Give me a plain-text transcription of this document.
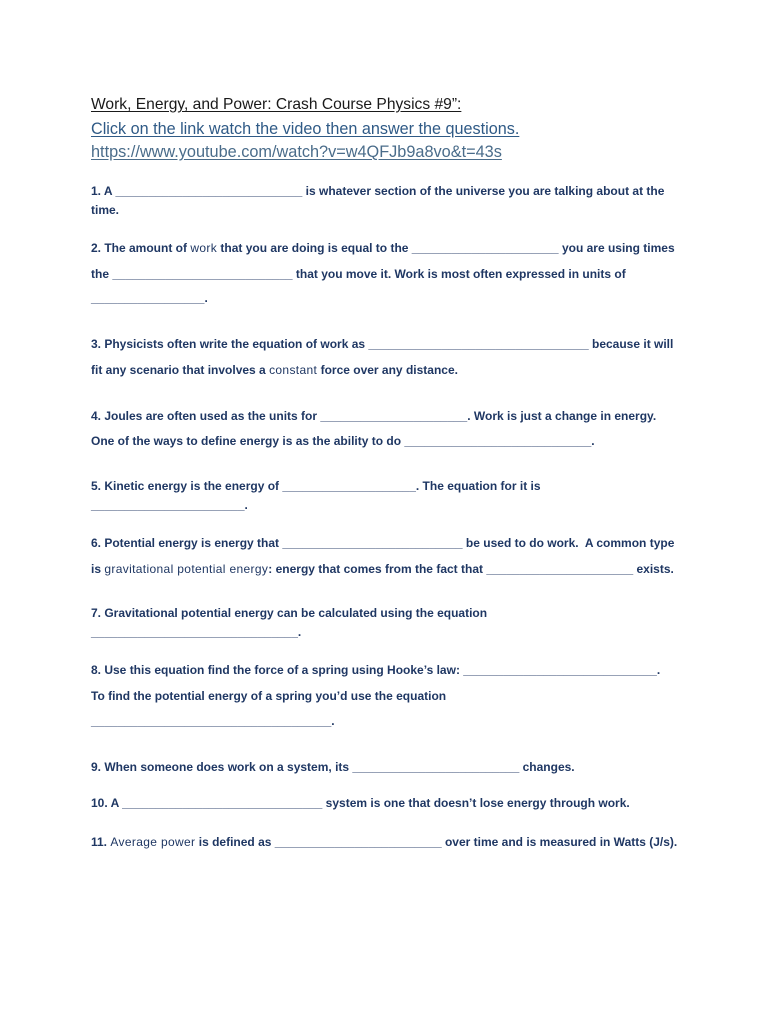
Work, Energy, and Power: Crash Course Physics #9”:
Click on the link watch the video then answer the questions.
https://www.youtube.com/watch?v=w4QFJb9a8vo&t=43s
1. A  ____________________________  is whatever section of the universe you are talking about at the
time.
2. The amount of  work  that you are doing is equal to the  ______________________  you are using times
the  ___________________________  that you move it. Work is most often expressed in units of
_________________ .
3. Physicists often write the equation of work as  _________________________________  because it will
fit any scenario that involves a  constant  force over any distance.
4. Joules are often used as the units for  ______________________ . Work is just a change in energy.
One of the ways to define energy is as the ability to do  ____________________________ .
5. Kinetic energy is the energy of  ____________________ . The equation for it is
_______________________ .
6. Potential energy is energy that  ___________________________  be used to do work.  A common type
is  gravitational potential energy : energy that comes from the fact that  ______________________  exists.
7. Gravitational potential energy can be calculated using the equation
_______________________________ .
8. Use this equation find the force of a spring using Hooke’s law:  _____________________________ .
To find the potential energy of a spring you’d use the equation
____________________________________ .
9. When someone does work on a system, its  _________________________  changes.
10. A  ______________________________  system is one that doesn’t lose energy through work.
11.  Average power  is defined as  _________________________  over time and is measured in Watts (J/s).
